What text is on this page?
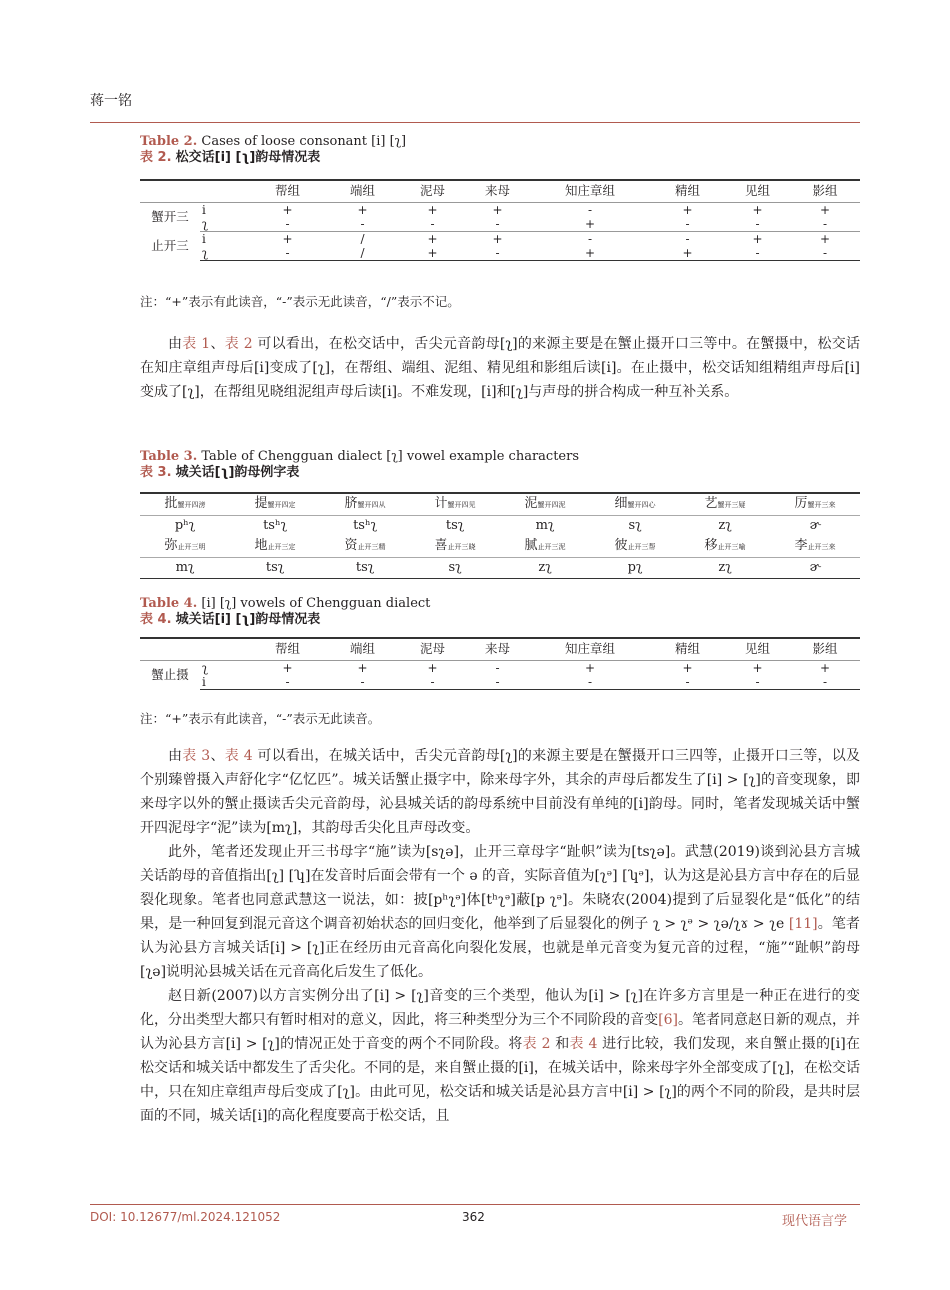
蒋一铭
Table 2. Cases of loose consonant [i] [ʅ]
表 2. 松交话[i] [ʅ]韵母情况表
		帮组	端组	泥母	来母	知庄章组	精组	见组	影组
蟹开三	i	+	+	+	+	-	+	+	+
	ʅ	-	-	-	-	+	-	-	-
止开三	i	+	/	+	+	-	-	+	+
	ʅ	-	/	+	-	+	+	-	-
注：“+”表示有此读音，“-”表示无此读音，“/”表示不记。

由表 1、表 2 可以看出，在松交话中，舌尖元音韵母[ʅ]的来源主要是在蟹止摄开口三等中。在蟹摄中，松交话在知庄章组声母后[i]变成了[ʅ]，在帮组、端组、泥组、精见组和影组后读[i]。在止摄中，松交话知组精组声母后[i]变成了[ʅ]，在帮组见晓组泥组声母后读[i]。不难发现，[i]和[ʅ]与声母的拼合构成一种互补关系。

Table 3. Table of Chengguan dialect [ʅ] vowel example characters
表 3. 城关话[ʅ]韵母例字表
批蟹开四滂	提蟹开四定	脐蟹开四从	计蟹开四见	泥蟹开四泥	细蟹开四心	艺蟹开三疑	厉蟹开三来
pʰʅ	tsʰʅ	tsʰʅ	tsʅ	mʅ	sʅ	zʅ	ɚ
弥止开三明	地止开三定	资止开三精	喜止开三晓	腻止开三泥	彼止开三帮	移止开三喻	李止开三来
mʅ	tsʅ	tsʅ	sʅ	zʅ	pʅ	zʅ	ɚ
Table 4. [i] [ʅ] vowels of Chengguan dialect
表 4. 城关话[i] [ʅ]韵母情况表
		帮组	端组	泥母	来母	知庄章组	精组	见组	影组
蟹止摄	ʅ	+	+	+	-	+	+	+	+
	i	-	-	-	-	-	-	-	-
注：“+”表示有此读音，“-”表示无此读音。

由表 3、表 4 可以看出，在城关话中，舌尖元音韵母[ʅ]的来源主要是在蟹摄开口三四等，止摄开口三等，以及个别臻曾摄入声舒化字“亿忆匹”。城关话蟹止摄字中，除来母字外，其余的声母后都发生了[i] > [ʅ]的音变现象，即来母字以外的蟹止摄读舌尖元音韵母，沁县城关话的韵母系统中目前没有单纯的[i]韵母。同时，笔者发现城关话中蟹开四泥母字“泥”读为[mʅ]，其韵母舌尖化且声母改变。

此外，笔者还发现止开三书母字“施”读为[sʅə]，止开三章母字“趾帜”读为[tsʅə]。武慧(2019)谈到沁县方言城关话韵母的音值指出[ʅ] [ʮ]在发音时后面会带有一个 ə 的音，实际音值为[ʅᵊ] [ʮᵊ]，认为这是沁县方言中存在的后显裂化现象。笔者也同意武慧这一说法，如：披[pʰʅᵊ]体[tʰʅᵊ]蔽[p ʅᵊ]。朱晓农(2004)提到了后显裂化是“低化”的结果，是一种回复到混元音这个调音初始状态的回归变化，他举到了后显裂化的例子 ʅ > ʅᵊ > ʅə/ʅɤ > ʅe [11]。笔者认为沁县方言城关话[i] > [ʅ]正在经历由元音高化向裂化发展，也就是单元音变为复元音的过程，“施”“趾帜”韵母[ʅə]说明沁县城关话在元音高化后发生了低化。

赵日新(2007)以方言实例分出了[i] > [ʅ]音变的三个类型，他认为[i] > [ʅ]在许多方言里是一种正在进行的变化，分出类型大都只有暂时相对的意义，因此，将三种类型分为三个不同阶段的音变[6]。笔者同意赵日新的观点，并认为沁县方言[i] > [ʅ]的情况正处于音变的两个不同阶段。将表 2 和表 4 进行比较，我们发现，来自蟹止摄的[i]在松交话和城关话中都发生了舌尖化。不同的是，来自蟹止摄的[i]，在城关话中，除来母字外全部变成了[ʅ]，在松交话中，只在知庄章组声母后变成了[ʅ]。由此可见，松交话和城关话是沁县方言中[i] > [ʅ]的两个不同的阶段，是共时层面的不同，城关话[i]的高化程度要高于松交话，且

DOI: 10.12677/ml.2024.121052	362	现代语言学
